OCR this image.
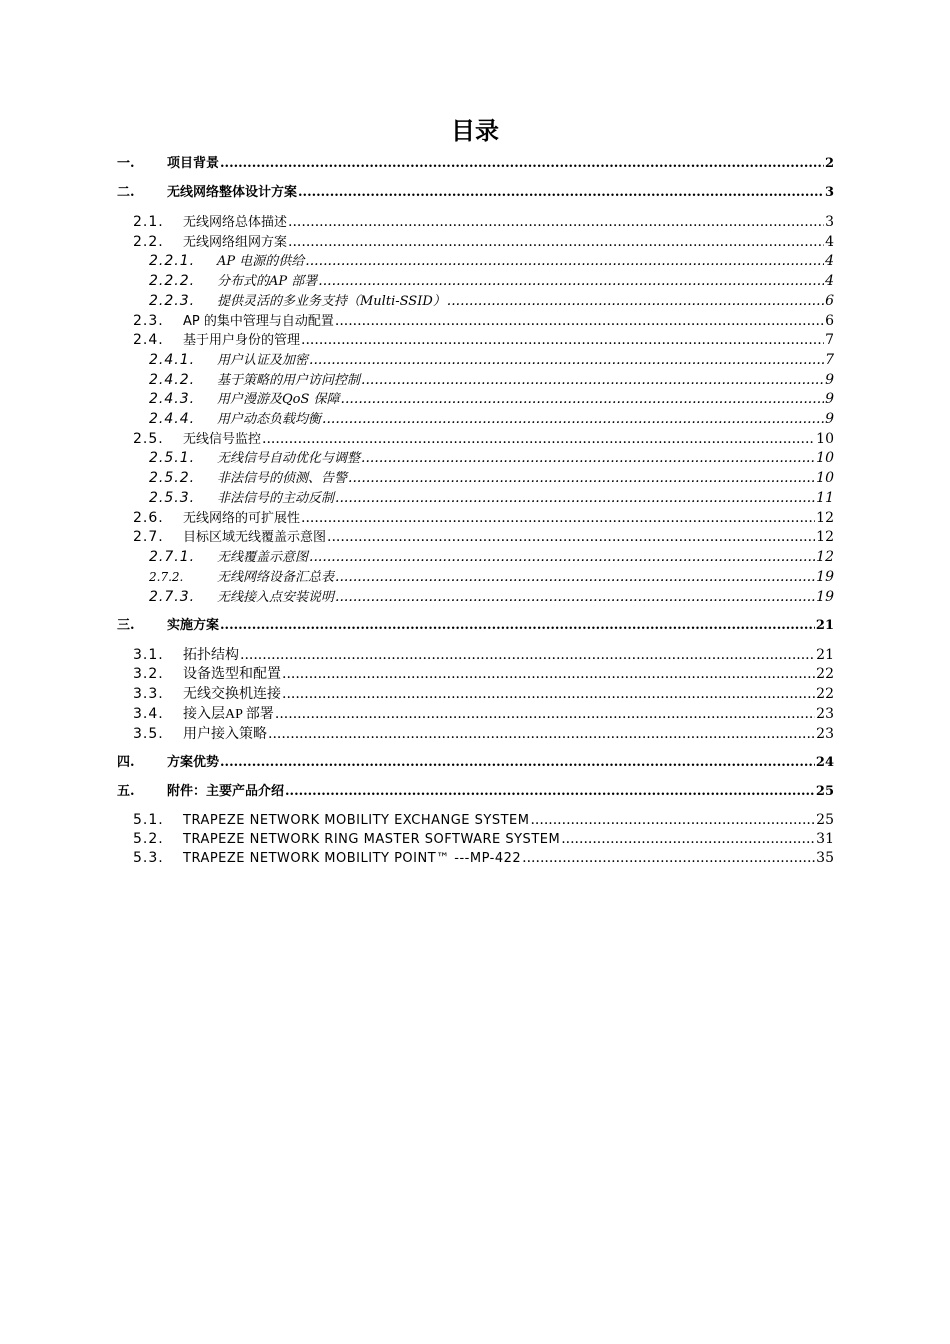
目录
一.	项目背景 .....	2
二.	无线网络整体设计方案 .....	3
2.1.	无线网络总体描述 .....	3
2.2.	无线网络组网方案 .....	4
2.2.1.	AP 电源的供给 .....	4
2.2.2.	分布式的AP 部署 .....	4
2.2.3.	提供灵活的多业务支持（Multi-SSID） .....	6
2.3.	AP 的集中管理与自动配置 .....	6
2.4.	基于用户身份的管理 .....	7
2.4.1.	用户认证及加密 .....	7
2.4.2.	基于策略的用户访问控制 .....	9
2.4.3.	用户漫游及QoS 保障 .....	9
2.4.4.	用户动态负载均衡 .....	9
2.5.	无线信号监控 .....	10
2.5.1.	无线信号自动优化与调整 .....	10
2.5.2.	非法信号的侦测、告警 .....	10
2.5.3.	非法信号的主动反制 .....	11
2.6.	无线网络的可扩展性 .....	12
2.7.	目标区域无线覆盖示意图 .....	12
2.7.1.	无线覆盖示意图 .....	12
2.7.2.	无线网络设备汇总表 .....	19
2.7.3.	无线接入点安装说明 .....	19
三.	实施方案 .....	21
3.1.	拓扑结构 .....	21
3.2.	设备选型和配置 .....	22
3.3.	无线交换机连接 .....	22
3.4.	接入层AP 部署 .....	23
3.5.	用户接入策略 .....	23
四.	方案优势 .....	24
五.	附件：主要产品介绍 .....	25
5.1.	TRAPEZE NETWORK MOBILITY EXCHANGE SYSTEM .....	25
5.2.	TRAPEZE NETWORK RING MASTER SOFTWARE SYSTEM .....	31
5.3.	TRAPEZE NETWORK MOBILITY POINT™ ---MP-422 .....	35
